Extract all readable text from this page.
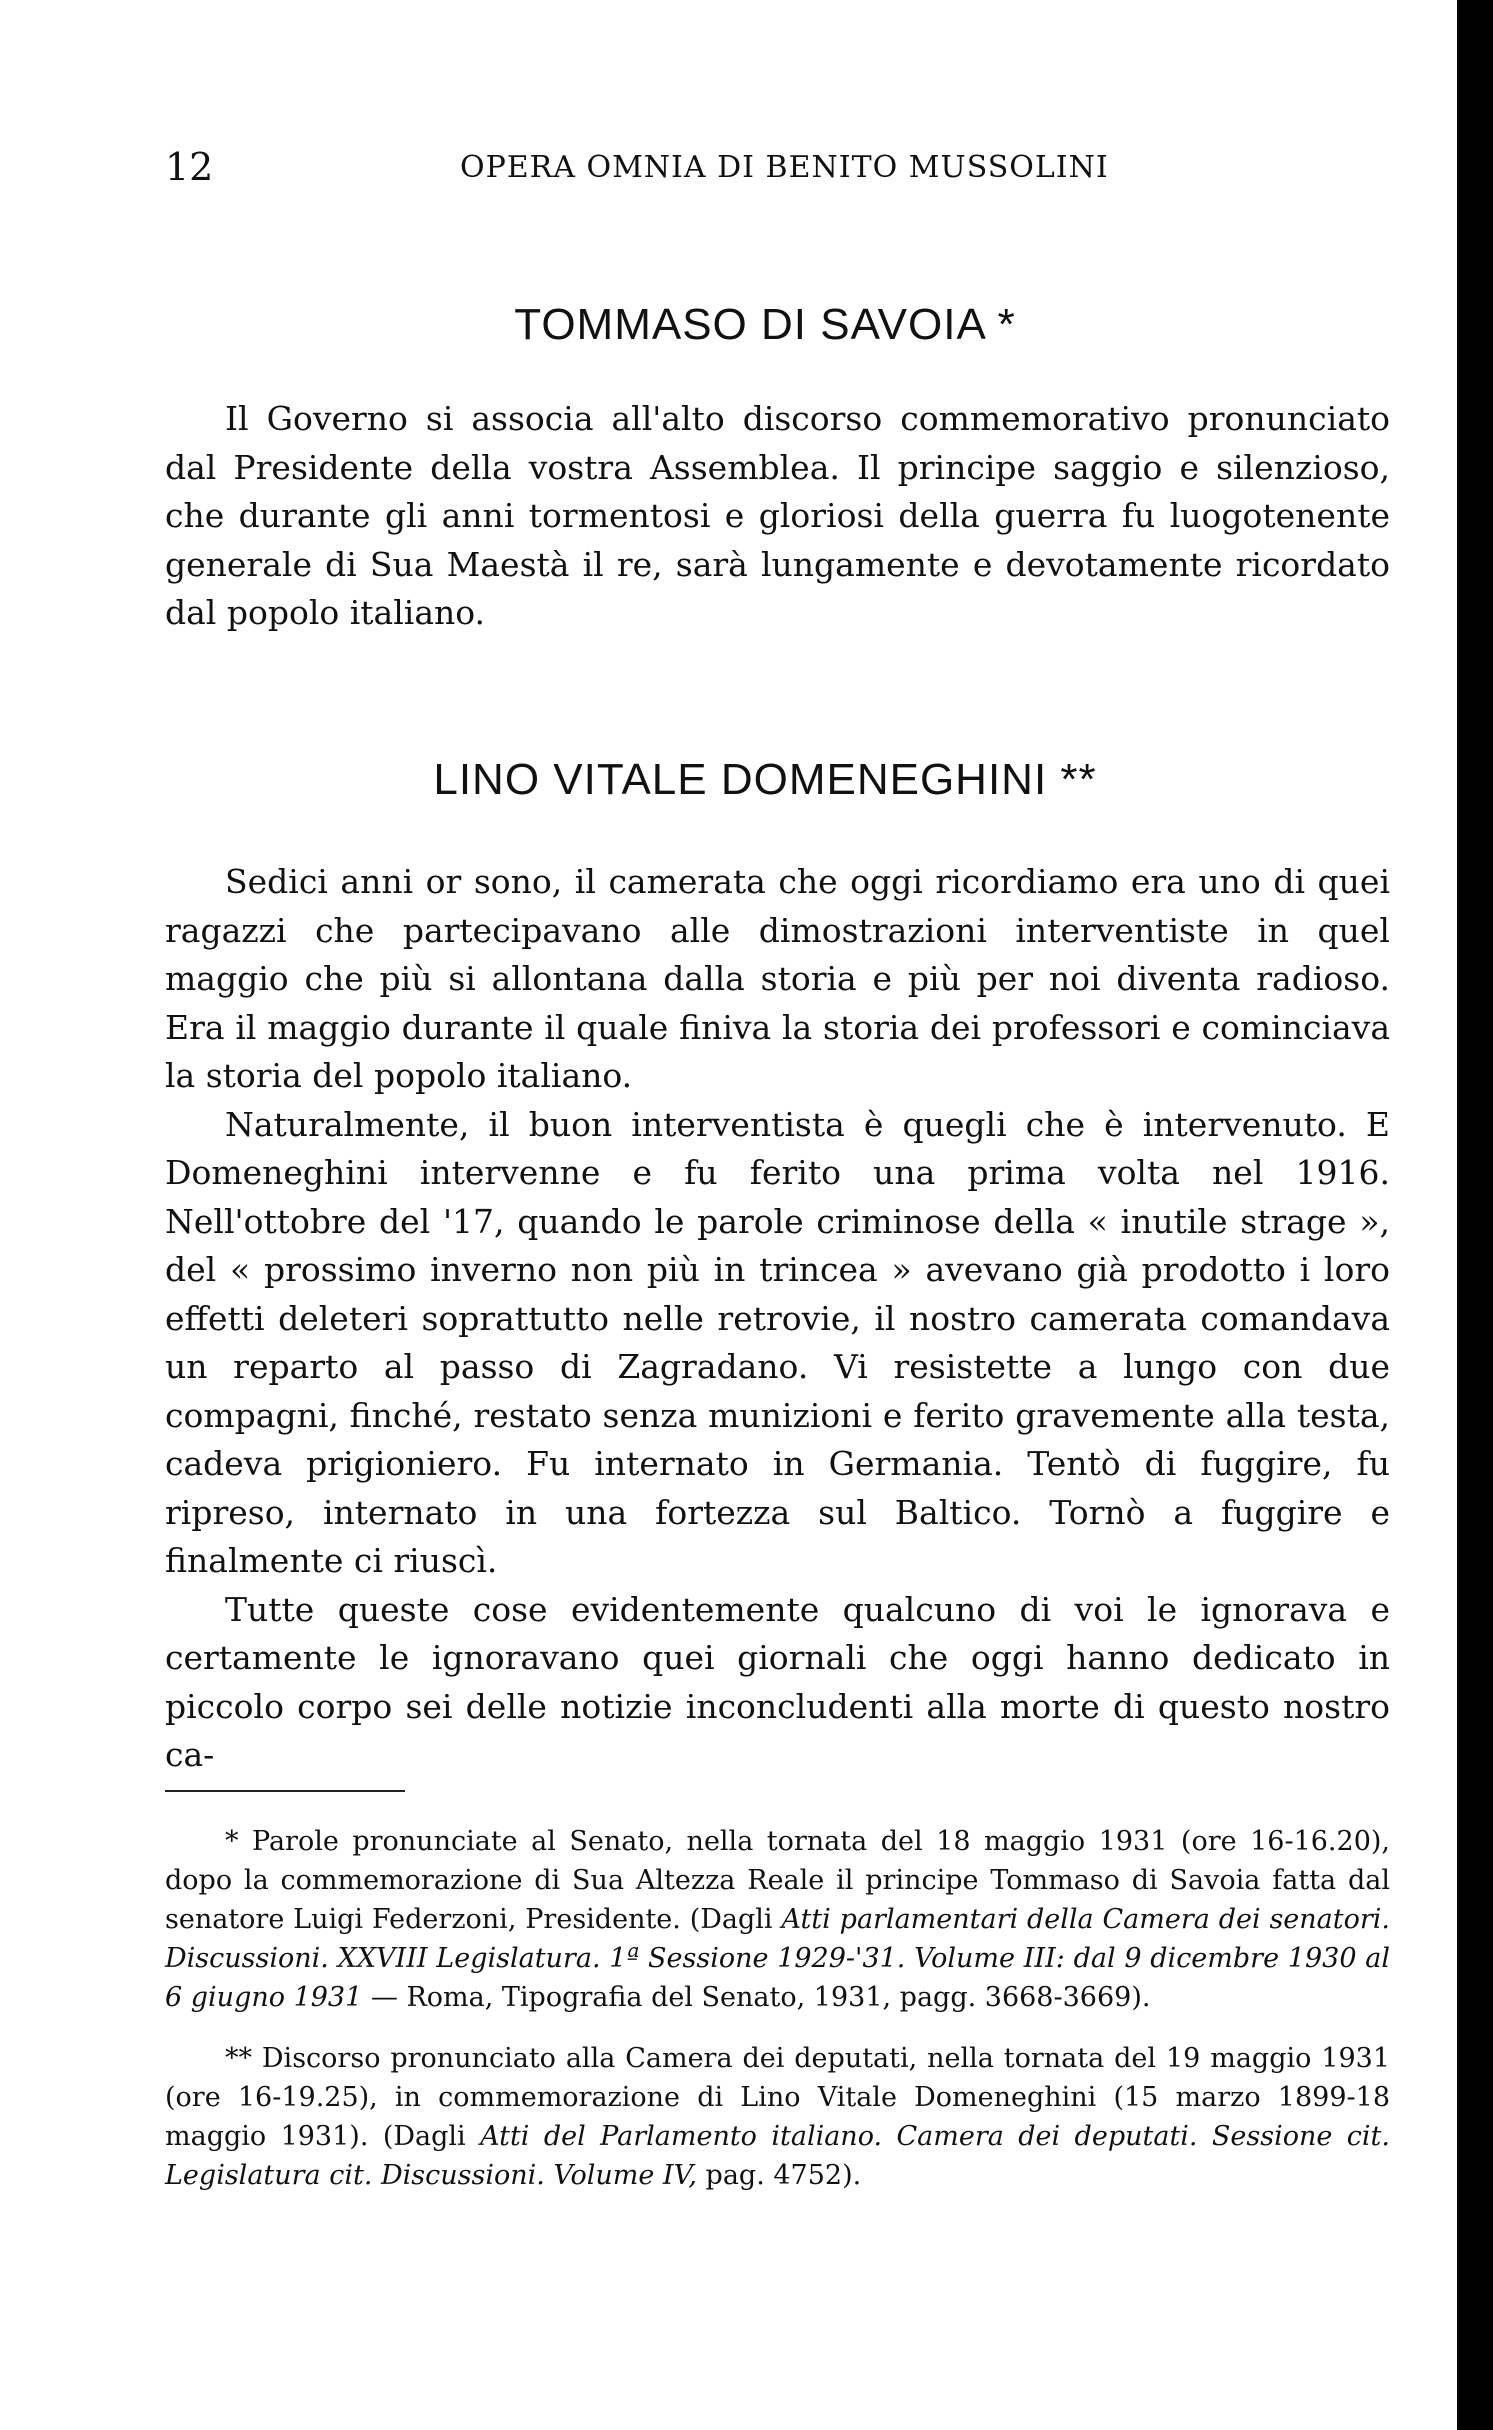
12	OPERA OMNIA DI BENITO MUSSOLINI
TOMMASO DI SAVOIA *

Il Governo si associa all'alto discorso commemorativo pronunciato dal Presidente della vostra Assemblea. Il principe saggio e silenzioso, che durante gli anni tormentosi e gloriosi della guerra fu luogotenente generale di Sua Maestà il re, sarà lungamente e devotamente ricordato dal popolo italiano.

LINO VITALE DOMENEGHINI **

Sedici anni or sono, il camerata che oggi ricordiamo era uno di quei ragazzi che partecipavano alle dimostrazioni interventiste in quel maggio che più si allontana dalla storia e più per noi diventa radioso. Era il maggio durante il quale finiva la storia dei professori e cominciava la storia del popolo italiano.

Naturalmente, il buon interventista è quegli che è intervenuto. E Domeneghini intervenne e fu ferito una prima volta nel 1916. Nell'ottobre del '17, quando le parole criminose della « inutile strage », del « prossimo inverno non più in trincea » avevano già prodotto i loro effetti deleteri soprattutto nelle retrovie, il nostro camerata comandava un reparto al passo di Zagradano. Vi resistette a lungo con due compagni, finché, restato senza munizioni e ferito gravemente alla testa, cadeva prigioniero. Fu internato in Germania. Tentò di fuggire, fu ripreso, internato in una fortezza sul Baltico. Tornò a fuggire e finalmente ci riuscì.

Tutte queste cose evidentemente qualcuno di voi le ignorava e certamente le ignoravano quei giornali che oggi hanno dedicato in piccolo corpo sei delle notizie inconcludenti alla morte di questo nostro ca-

* Parole pronunciate al Senato, nella tornata del 18 maggio 1931 (ore 16-16.20), dopo la commemorazione di Sua Altezza Reale il principe Tommaso di Savoia fatta dal senatore Luigi Federzoni, Presidente. (Dagli Atti parlamentari della Camera dei senatori. Discussioni. XXVIII Legislatura. 1ª Sessione 1929-'31. Volume III: dal 9 dicembre 1930 al 6 giugno 1931 — Roma, Tipografia del Senato, 1931, pagg. 3668-3669).

** Discorso pronunciato alla Camera dei deputati, nella tornata del 19 maggio 1931 (ore 16-19.25), in commemorazione di Lino Vitale Domeneghini (15 marzo 1899-18 maggio 1931). (Dagli Atti del Parlamento italiano. Camera dei deputati. Sessione cit. Legislatura cit. Discussioni. Volume IV, pag. 4752).
